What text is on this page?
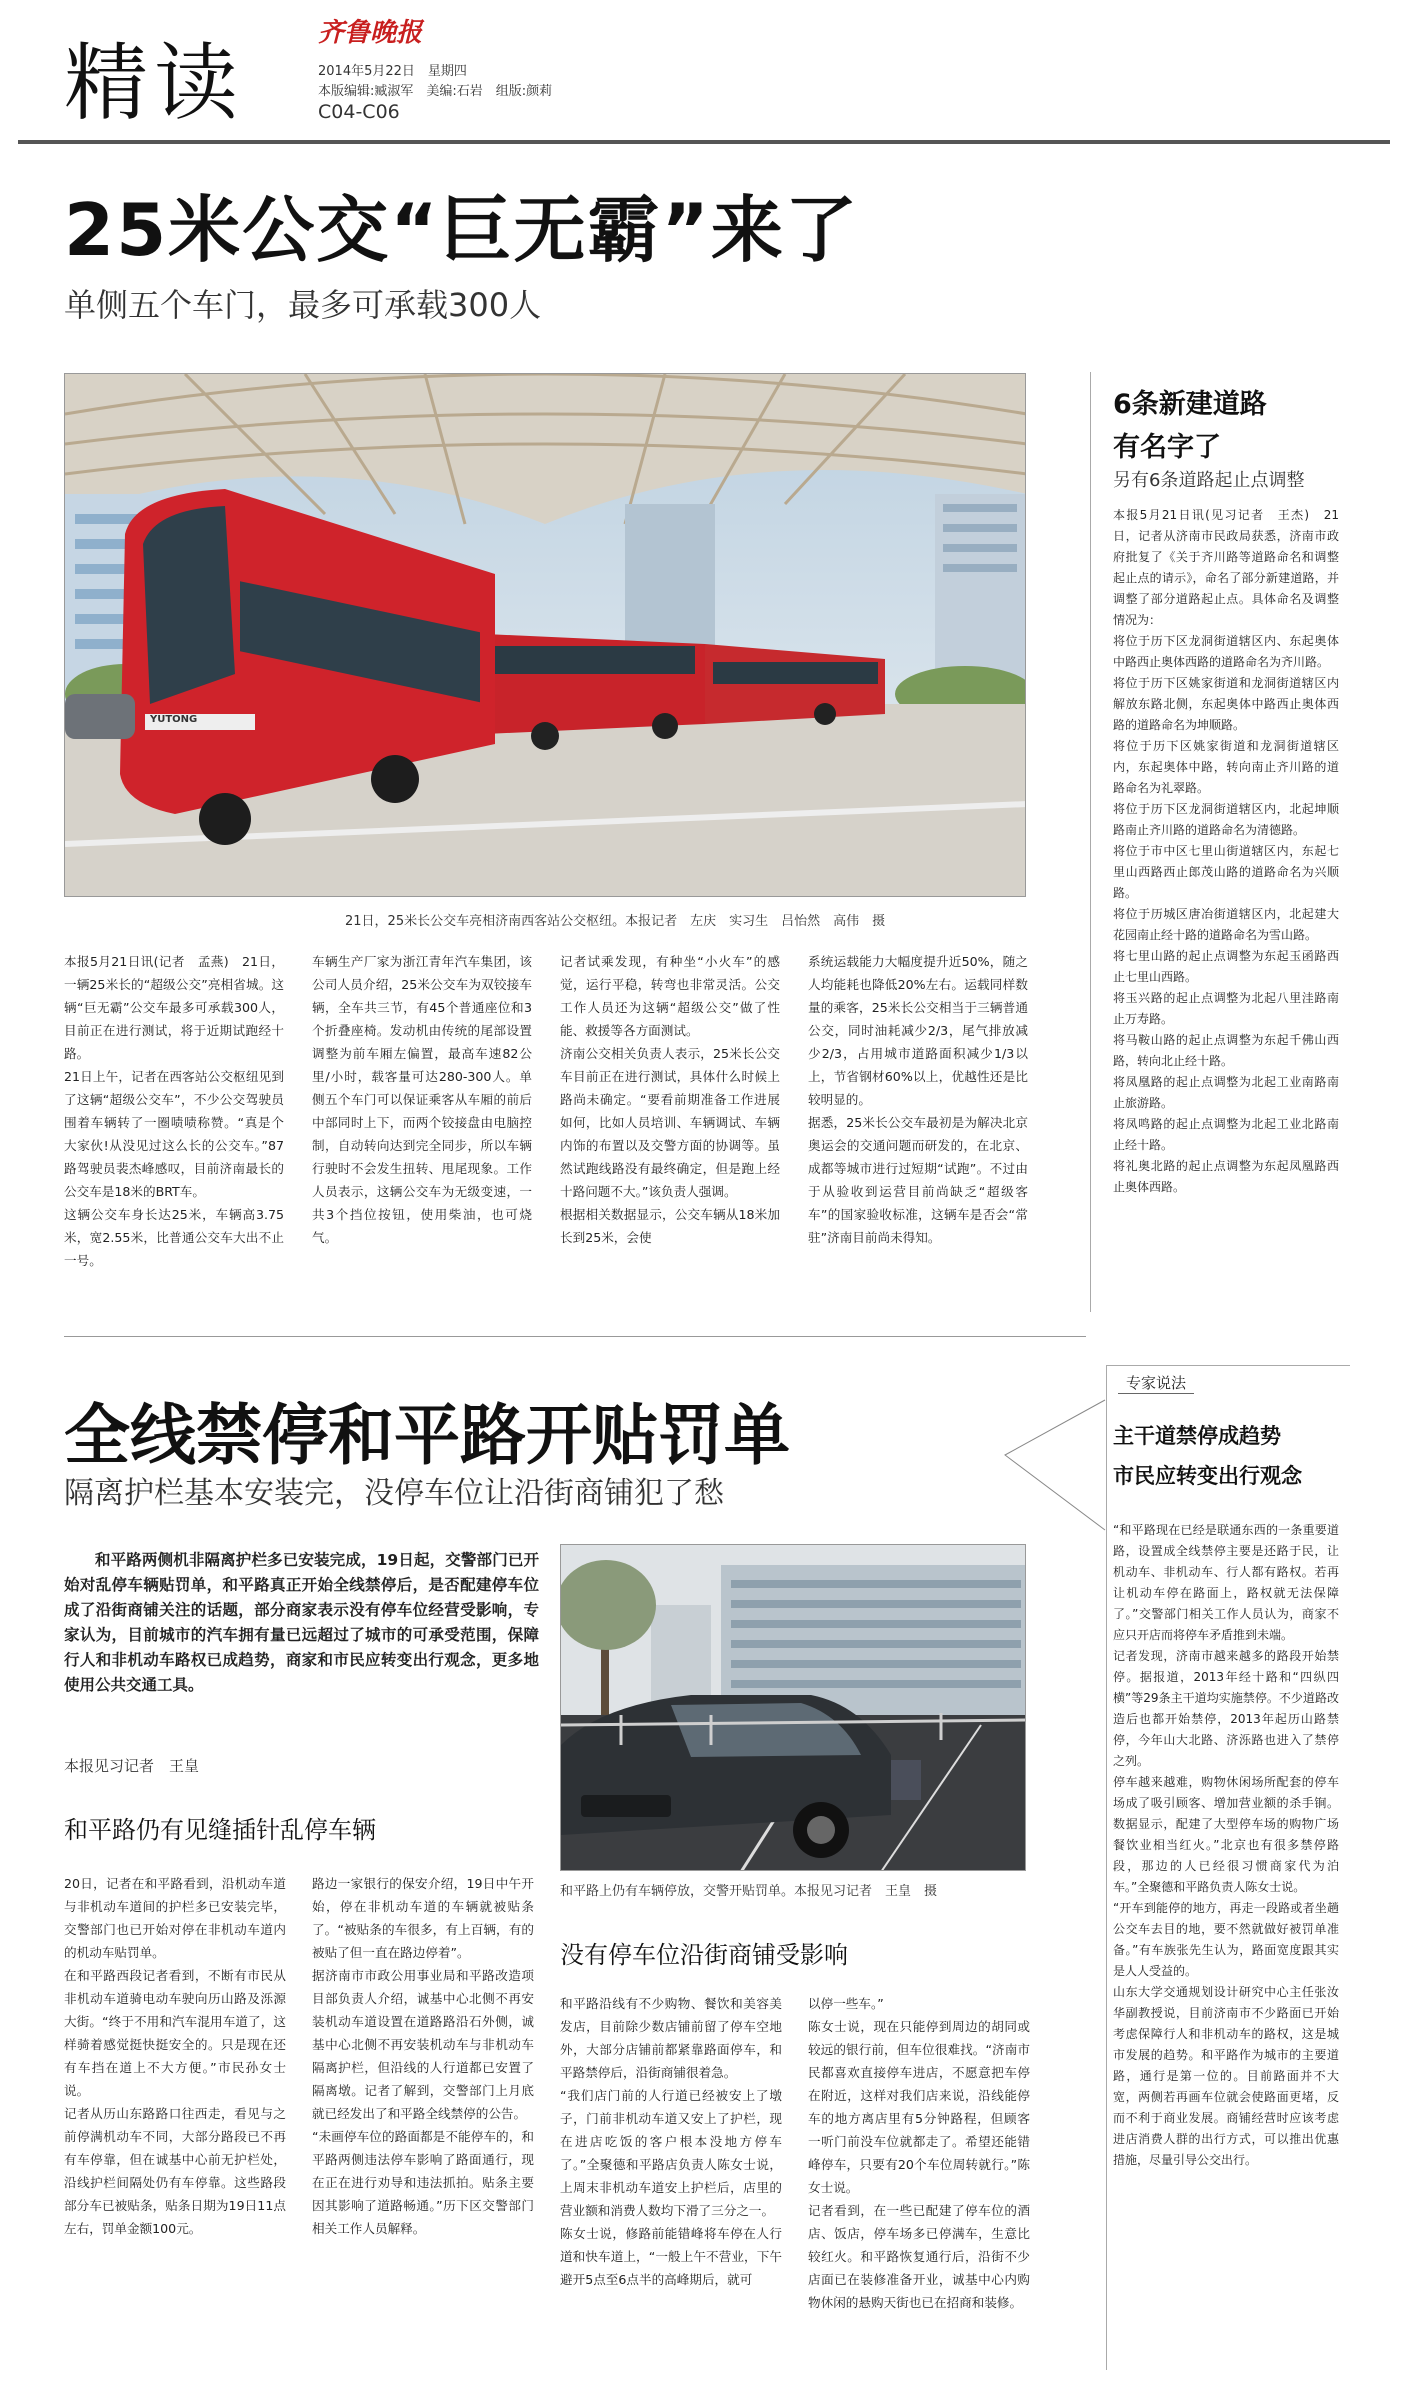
精读
齐鲁晚报
2014年5月22日　星期四
本版编辑:臧淑军　美编:石岩　组版:颜莉
C04-C06
25米公交“巨无霸”来了
单侧五个车门，最多可承载300人
YUTONG
21日，25米长公交车亮相济南西客站公交枢纽。本报记者　左庆　实习生　吕怡然　高伟　摄

本报5月21日讯(记者　孟燕)　21日，一辆25米长的“超级公交”亮相省城。这辆“巨无霸”公交车最多可承载300人，目前正在进行测试，将于近期试跑经十路。
21日上午，记者在西客站公交枢纽见到了这辆“超级公交车”，不少公交驾驶员围着车辆转了一圈啧啧称赞。“真是个大家伙!从没见过这么长的公交车。”87路驾驶员裴杰峰感叹，目前济南最长的公交车是18米的BRT车。
这辆公交车身长达25米，车辆高3.75米，宽2.55米，比普通公交车大出不止一号。

车辆生产厂家为浙江青年汽车集团，该公司人员介绍，25米公交车为双铰接车辆，全车共三节，有45个普通座位和3个折叠座椅。发动机由传统的尾部设置调整为前车厢左偏置，最高车速82公里/小时，载客量可达280-300人。单侧五个车门可以保证乘客从车厢的前后中部同时上下，而两个铰接盘由电脑控制，自动转向达到完全同步，所以车辆行驶时不会发生扭转、甩尾现象。工作人员表示，这辆公交车为无级变速，一共3个挡位按钮，使用柴油，也可烧气。

记者试乘发现，有种坐“小火车”的感觉，运行平稳，转弯也非常灵活。公交工作人员还为这辆“超级公交”做了性能、救援等各方面测试。
济南公交相关负责人表示，25米长公交车目前正在进行测试，具体什么时候上路尚未确定。“要看前期准备工作进展如何，比如人员培训、车辆调试、车辆内饰的布置以及交警方面的协调等。虽然试跑线路没有最终确定，但是跑上经十路问题不大。”该负责人强调。
根据相关数据显示，公交车辆从18米加长到25米，会使

系统运载能力大幅度提升近50%，随之人均能耗也降低20%左右。运载同样数量的乘客，25米长公交相当于三辆普通公交，同时油耗减少2/3，尾气排放减少2/3，占用城市道路面积减少1/3以上，节省钢材60%以上，优越性还是比较明显的。
据悉，25米长公交车最初是为解决北京奥运会的交通问题而研发的，在北京、成都等城市进行过短期“试跑”。不过由于从验收到运营目前尚缺乏“超级客车”的国家验收标准，这辆车是否会“常驻”济南目前尚未得知。

6条新建道路
有名字了
另有6条道路起止点调整

本报5月21日讯(见习记者　王杰)　21日，记者从济南市民政局获悉，济南市政府批复了《关于齐川路等道路命名和调整起止点的请示》，命名了部分新建道路，并调整了部分道路起止点。具体命名及调整情况为：
将位于历下区龙洞街道辖区内、东起奥体中路西止奥体西路的道路命名为齐川路。
将位于历下区姚家街道和龙洞街道辖区内解放东路北侧，东起奥体中路西止奥体西路的道路命名为坤顺路。
将位于历下区姚家街道和龙洞街道辖区内，东起奥体中路，转向南止齐川路的道路命名为礼翠路。
将位于历下区龙洞街道辖区内，北起坤顺路南止齐川路的道路命名为清德路。
将位于市中区七里山街道辖区内，东起七里山西路西止郎茂山路的道路命名为兴顺路。
将位于历城区唐冶街道辖区内，北起建大花园南止经十路的道路命名为雪山路。
将七里山路的起止点调整为东起玉函路西止七里山西路。
将玉兴路的起止点调整为北起八里洼路南止万寿路。
将马鞍山路的起止点调整为东起千佛山西路，转向北止经十路。
将凤凰路的起止点调整为北起工业南路南止旅游路。
将凤鸣路的起止点调整为北起工业北路南止经十路。
将礼奥北路的起止点调整为东起凤凰路西止奥体西路。

全线禁停和平路开贴罚单
隔离护栏基本安装完，没停车位让沿街商铺犯了愁

和平路两侧机非隔离护栏多已安装完成，19日起，交警部门已开始对乱停车辆贴罚单，和平路真正开始全线禁停后，是否配建停车位成了沿街商铺关注的话题，部分商家表示没有停车位经营受影响，专家认为，目前城市的汽车拥有量已远超过了城市的可承受范围，保障行人和非机动车路权已成趋势，商家和市民应转变出行观念，更多地使用公共交通工具。

本报见习记者　王皇
和平路仍有见缝插针乱停车辆
和平路上仍有车辆停放，交警开贴罚单。本报见习记者　王皇　摄
没有停车位沿街商铺受影响

20日，记者在和平路看到，沿机动车道与非机动车道间的护栏多已安装完毕，交警部门也已开始对停在非机动车道内的机动车贴罚单。
在和平路西段记者看到，不断有市民从非机动车道骑电动车驶向历山路及泺源大街。“终于不用和汽车混用车道了，这样骑着感觉挺快挺安全的。只是现在还有车挡在道上不大方便。”市民孙女士说。
记者从历山东路路口往西走，看见与之前停满机动车不同，大部分路段已不再有车停靠，但在诚基中心前无护栏处，沿线护栏间隔处仍有车停靠。这些路段部分车已被贴条，贴条日期为19日11点左右，罚单金额100元。

路边一家银行的保安介绍，19日中午开始，停在非机动车道的车辆就被贴条了。“被贴条的车很多，有上百辆，有的被贴了但一直在路边停着”。
据济南市市政公用事业局和平路改造项目部负责人介绍，诚基中心北侧不再安装机动车道设置在道路路沿石外侧，诚基中心北侧不再安装机动车与非机动车隔离护栏，但沿线的人行道都已安置了隔离墩。记者了解到，交警部门上月底就已经发出了和平路全线禁停的公告。
“未画停车位的路面都是不能停车的，和平路两侧违法停车影响了路面通行，现在正在进行劝导和违法抓拍。贴条主要因其影响了道路畅通。”历下区交警部门相关工作人员解释。

和平路沿线有不少购物、餐饮和美容美发店，目前除少数店铺前留了停车空地外，大部分店铺前都紧靠路面停车，和平路禁停后，沿街商铺很着急。
“我们店门前的人行道已经被安上了墩子，门前非机动车道又安上了护栏，现在进店吃饭的客户根本没地方停车了。”全聚德和平路店负责人陈女士说，上周末非机动车道安上护栏后，店里的营业额和消费人数均下滑了三分之一。
陈女士说，修路前能错峰将车停在人行道和快车道上，“一般上午不营业，下午避开5点至6点半的高峰期后，就可

以停一些车。”
陈女士说，现在只能停到周边的胡同或较远的银行前，但车位很难找。“济南市民都喜欢直接停车进店，不愿意把车停在附近，这样对我们店来说，沿线能停车的地方离店里有5分钟路程，但顾客一听门前没车位就都走了。希望还能错峰停车，只要有20个车位周转就行。”陈女士说。
记者看到，在一些已配建了停车位的酒店、饭店，停车场多已停满车，生意比较红火。和平路恢复通行后，沿街不少店面已在装修准备开业，诚基中心内购物休闲的悬购天街也已在招商和装修。

专家说法
主干道禁停成趋势
市民应转变出行观念

“和平路现在已经是联通东西的一条重要道路，设置成全线禁停主要是还路于民，让机动车、非机动车、行人都有路权。若再让机动车停在路面上，路权就无法保障了。”交警部门相关工作人员认为，商家不应只开店而将停车矛盾推到未端。
记者发现，济南市越来越多的路段开始禁停。据报道，2013年经十路和“四纵四横”等29条主干道均实施禁停。不少道路改造后也都开始禁停，2013年起历山路禁停，今年山大北路、济泺路也进入了禁停之列。
停车越来越难，购物休闲场所配套的停车场成了吸引顾客、增加营业额的杀手锏。数据显示，配建了大型停车场的购物广场餐饮业相当红火。”北京也有很多禁停路段，那边的人已经很习惯商家代为泊车。”全聚德和平路负责人陈女士说。
“开车到能停的地方，再走一段路或者坐趟公交车去目的地，要不然就做好被罚单准备。”有车族张先生认为，路面宽度跟其实是人人受益的。
山东大学交通规划设计研究中心主任张汝华副教授说，目前济南市不少路面已开始考虑保障行人和非机动车的路权，这是城市发展的趋势。和平路作为城市的主要道路，通行是第一位的。目前路面并不大宽，两侧若再画车位就会使路面更堵，反而不利于商业发展。商铺经营时应该考虑进店消费人群的出行方式，可以推出优惠措施，尽量引导公交出行。
